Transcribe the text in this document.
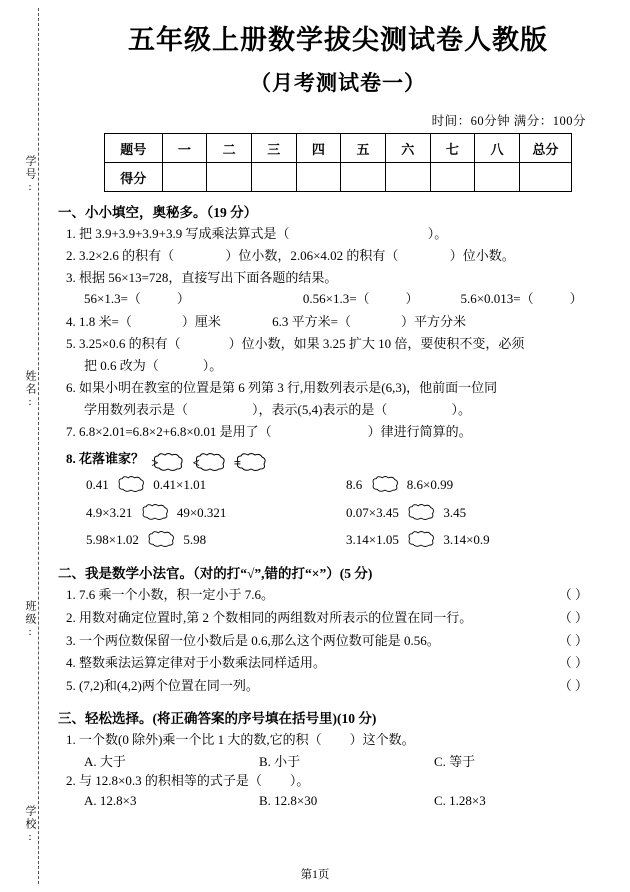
学号:
姓名:
班级:
学校:
五年级上册数学拔尖测试卷人教版
（月考测试卷一）
时间：60分钟 满分：100分
题号	一	二	三	四	五	六	七	八	总分
得分									
一、小小填空，奥秘多。（19 分）
1. 把 3.9+3.9+3.9+3.9 写成乘法算式是（	）。
2. 3.2×2.6 的积有（	）位小数，2.06×4.02 的积有（	）位小数。
3. 根据 56×13=728，直接写出下面各题的结果。
56×1.3=（	）	0.56×1.3=（	）	5.6×0.013=（	）
4. 1.8 米=（	）厘米	6.3 平方米=（	）平方分米
5. 3.25×0.6 的积有（	）位小数，如果 3.25 扩大 10 倍，要使积不变，必须
把 0.6 改为（	）。
6. 如果小明在教室的位置是第 6 列第 3 行,用数列表示是(6,3)，他前面一位同
学用数列表示是（	），表示(5,4)表示的是（	）。
7. 6.8×2.01=6.8×2+6.8×0.01 是用了（	）律进行简算的。
8. 花落谁家？ >	<	=
0.41	0.41×1.01	8.6	8.6×0.99
4.9×3.21	49×0.321	0.07×3.45	3.45
5.98×1.02	5.98	3.14×1.05	3.14×0.9
二、我是数学小法官。（对的打“√”,错的打“×”）(5 分)
1. 7.6 乘一个小数，积一定小于 7.6。	（ ）
2. 用数对确定位置时,第 2 个数相同的两组数对所表示的位置在同一行。	（ ）
3. 一个两位数保留一位小数后是 0.6,那么这个两位数可能是 0.56。	（ ）
4. 整数乘法运算定律对于小数乘法同样适用。	（ ）
5. (7,2)和(4,2)两个位置在同一列。	（ ）
三、轻松选择。(将正确答案的序号填在括号里)(10 分)
1. 一个数(0 除外)乘一个比 1 大的数,它的积（ ）这个数。
A. 大于	B. 小于	C. 等于
2. 与 12.8×0.3 的积相等的式子是（ ）。
A. 12.8×3	B. 12.8×30	C. 1.28×3
第1页
